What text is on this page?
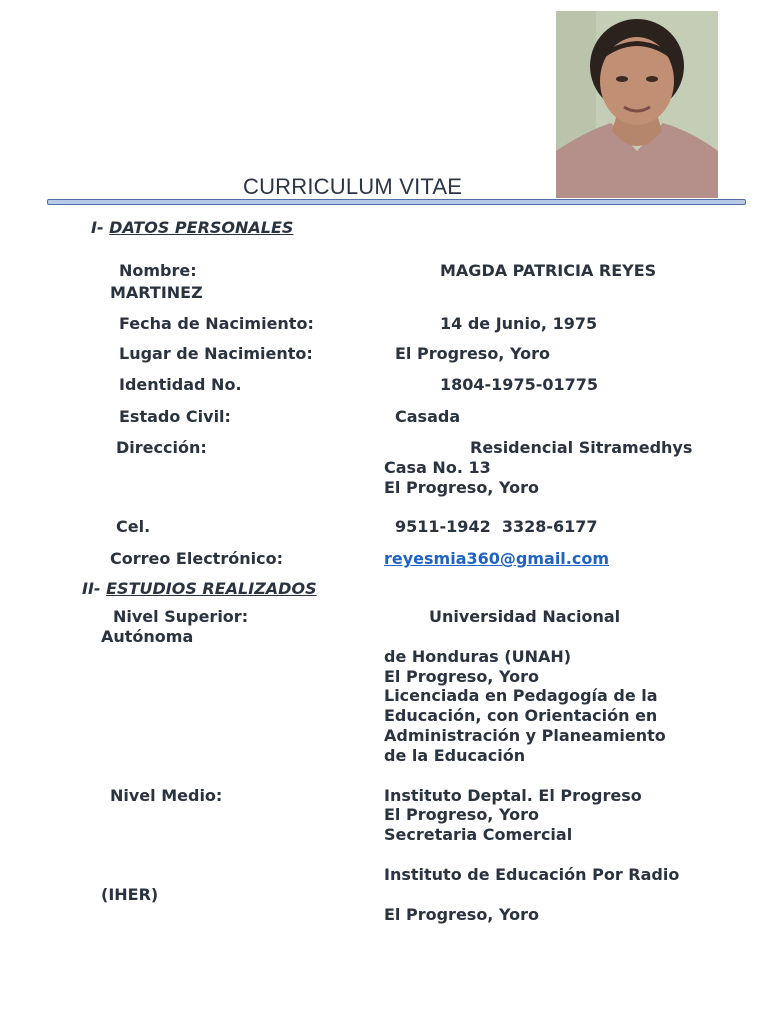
CURRICULUM VITAE
I- DATOS PERSONALES
Nombre:	MAGDA PATRICIA REYES
MARTINEZ
Fecha de Nacimiento:	14 de Junio, 1975
Lugar de Nacimiento:	El Progreso, Yoro
Identidad No.	1804-1975-01775
Estado Civil:	Casada
Dirección:	Residencial Sitramedhys
Casa No. 13
El Progreso, Yoro
Cel.	9511-1942  3328-6177
Correo Electrónico:	reyesmia360@gmail.com
II- ESTUDIOS REALIZADOS
Nivel Superior:	Universidad Nacional
Autónoma
de Honduras (UNAH)
El Progreso, Yoro
Licenciada en Pedagogía de la
Educación, con Orientación en
Administración y Planeamiento
de la Educación
Nivel Medio:	Instituto Deptal. El Progreso
El Progreso, Yoro
Secretaria Comercial
Instituto de Educación Por Radio
(IHER)
El Progreso, Yoro
